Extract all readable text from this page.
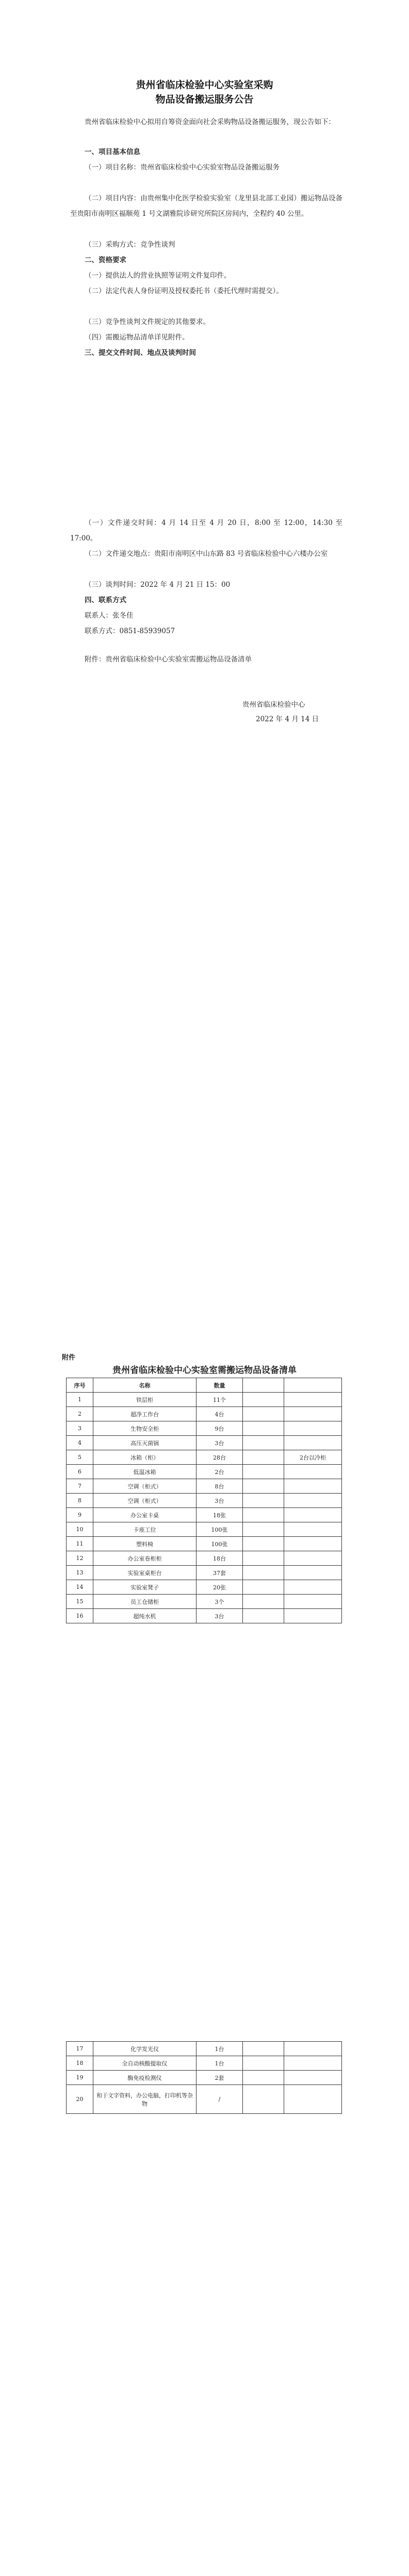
贵州省临床检验中心实验室采购
物品设备搬运服务公告
贵州省临床检验中心拟用自筹资金面向社会采购物品设备搬运服务，现公告如下：
一、项目基本信息
（一）项目名称：贵州省临床检验中心实验室物品设备搬运服务
（二）项目内容：由贵州集中化医学检验实验室（龙里县北部工业园）搬运物品设备至贵阳市南明区福顺苑 1 号文湖雅院诊研究所院区房间内，全程约 40 公里。
（三）采购方式：竞争性谈判
二、资格要求
（一）提供法人的营业执照等证明文件复印件。
（二）法定代表人身份证明及授权委托书（委托代理时需提交）。
（三）竞争性谈判文件规定的其他要求。
（四）需搬运物品清单详见附件。
三、提交文件时间、地点及谈判时间
（一）文件递交时间：4 月 14 日至 4 月 20 日，8:00 至 12:00，14:30 至 17:00。
（二）文件递交地点：贵阳市南明区中山东路 83 号省临床检验中心六楼办公室
（三）谈判时间：2022 年 4 月 21 日 15：00
四、联系方式
联系人：张冬佳
联系方式：0851-85939057
附件：贵州省临床检验中心实验室需搬运物品设备清单
贵州省临床检验中心
2022 年 4 月 14 日
附件
贵州省临床检验中心实验室需搬运物品设备清单
序号	名称	数量		
1	铁层柜	11个		
2	超净工作台	4台		
3	生物安全柜	9台		
4	高压灭菌锅	3台		
5	冰箱（柜）	28台		2台以冷柜
6	低温冰箱	2台		
7	空调（柜式）	8台		
8	空调（柜式）	3台		
9	办公室卡桌	18张		
10	卡座工位	100张		
11	塑料椅	100张		
12	办公室卷柜柜	18台		
13	实验室桌柜台	37套		
14	实验室凳子	20张		
15	员工仓储柜	3个		
16	超纯水机	3台		
17	化学发光仪	1台		
18	全自动核酸提取仪	1台		
19	酶免疫检测仪	2套		
20	和于文字资料，办公电脑，打印机等杂物	/		
